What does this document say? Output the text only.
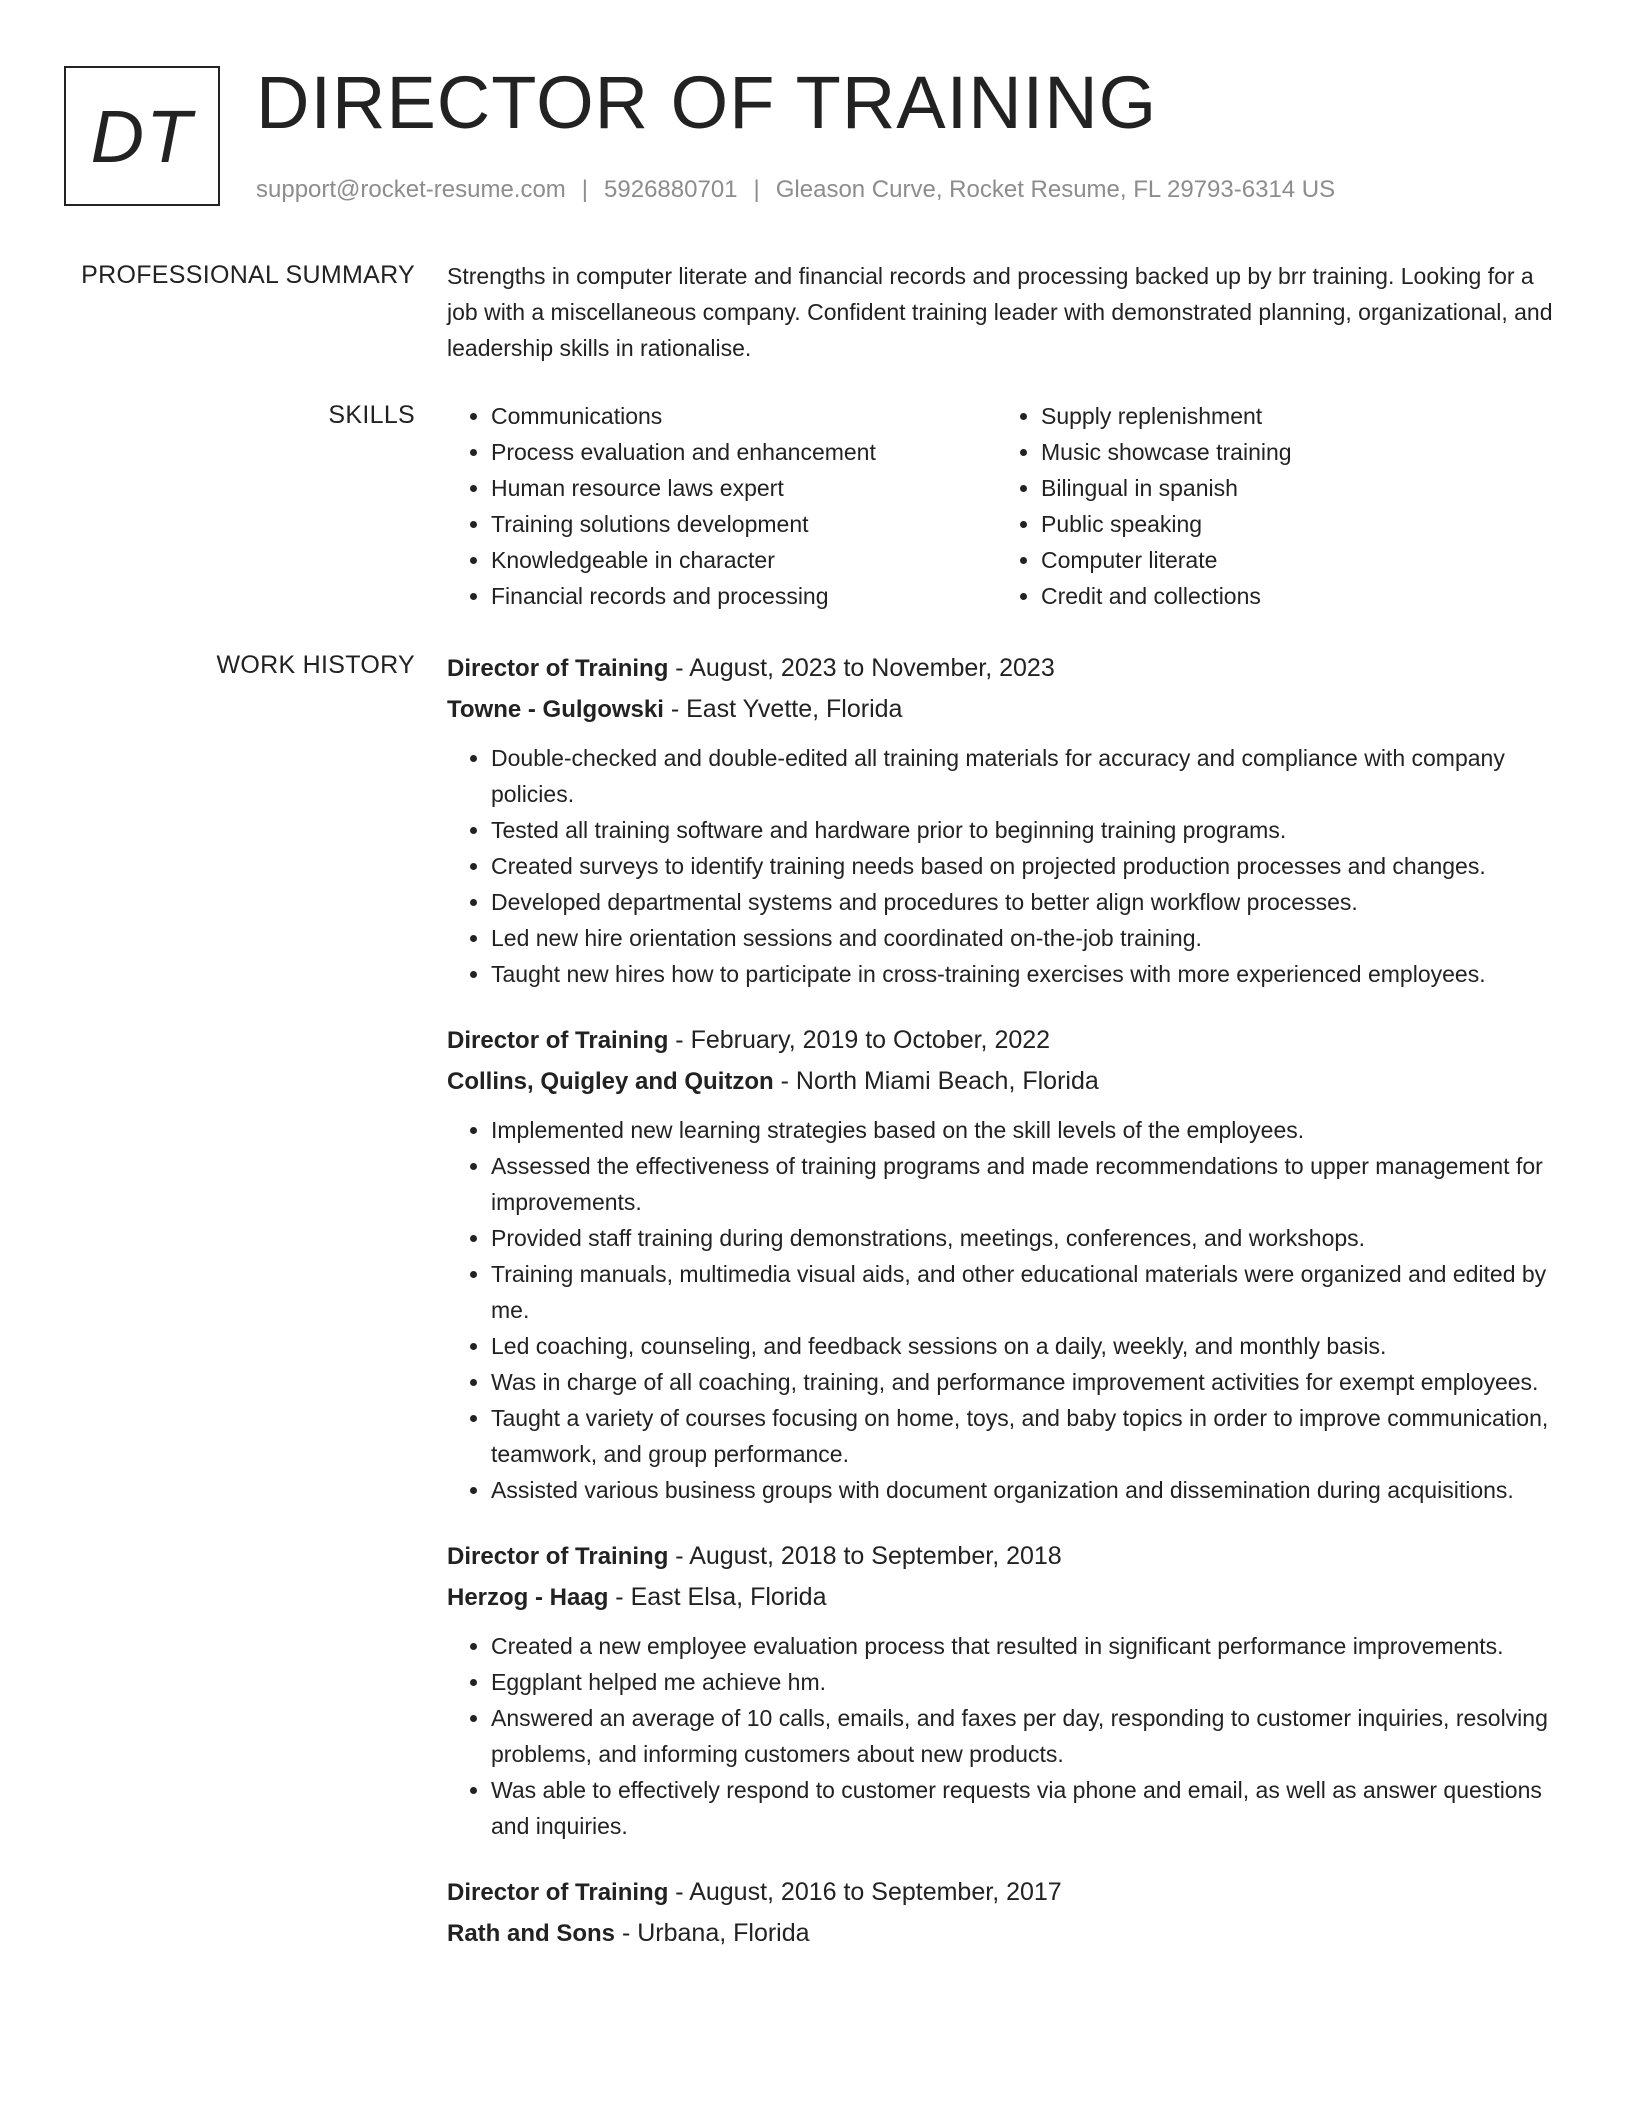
DT DIRECTOR OF TRAINING
support@rocket-resume.com | 5926880701 | Gleason Curve, Rocket Resume, FL 29793-6314 US
PROFESSIONAL SUMMARY Strengths in computer literate and financial records and processing backed up by brr training. Looking for a job with a miscellaneous company. Confident training leader with demonstrated planning, organizational, and leadership skills in rationalise.
SKILLS
•	Communications
• Process evaluation and enhancement
• Human resource laws expert
• Training solutions development
• Knowledgeable in character
• Financial records and processing
• Supply replenishment
• Music showcase training
• Bilingual in spanish
• Public speaking
• Computer literate
• Credit and collections
WORK HISTORY Director of Training - August, 2023 to November, 2023
Towne - Gulgowski - East Yvette, Florida
• Double-checked and double-edited all training materials for accuracy and compliance with company policies.
• Tested all training software and hardware prior to beginning training programs.
• Created surveys to identify training needs based on projected production processes and changes.
• Developed departmental systems and procedures to better align workflow processes.
• Led new hire orientation sessions and coordinated on-the-job training.
• Taught new hires how to participate in cross-training exercises with more experienced employees.
Director of Training - February, 2019 to October, 2022
Collins, Quigley and Quitzon - North Miami Beach, Florida
• Implemented new learning strategies based on the skill levels of the employees.
• Assessed the effectiveness of training programs and made recommendations to upper management for improvements.
• Provided staff training during demonstrations, meetings, conferences, and workshops.
• Training manuals, multimedia visual aids, and other educational materials were organized and edited by me.
• Led coaching, counseling, and feedback sessions on a daily, weekly, and monthly basis.
• Was in charge of all coaching, training, and performance improvement activities for exempt employees.
• Taught a variety of courses focusing on home, toys, and baby topics in order to improve communication, teamwork, and group performance.
• Assisted various business groups with document organization and dissemination during acquisitions.
Director of Training - August, 2018 to September, 2018
Herzog - Haag - East Elsa, Florida
• Created a new employee evaluation process that resulted in significant performance improvements.
• Eggplant helped me achieve hm.
• Answered an average of 10 calls, emails, and faxes per day, responding to customer inquiries, resolving problems, and informing customers about new products.
• Was able to effectively respond to customer requests via phone and email, as well as answer questions and inquiries.
Director of Training - August, 2016 to September, 2017
Rath and Sons - Urbana, Florida
